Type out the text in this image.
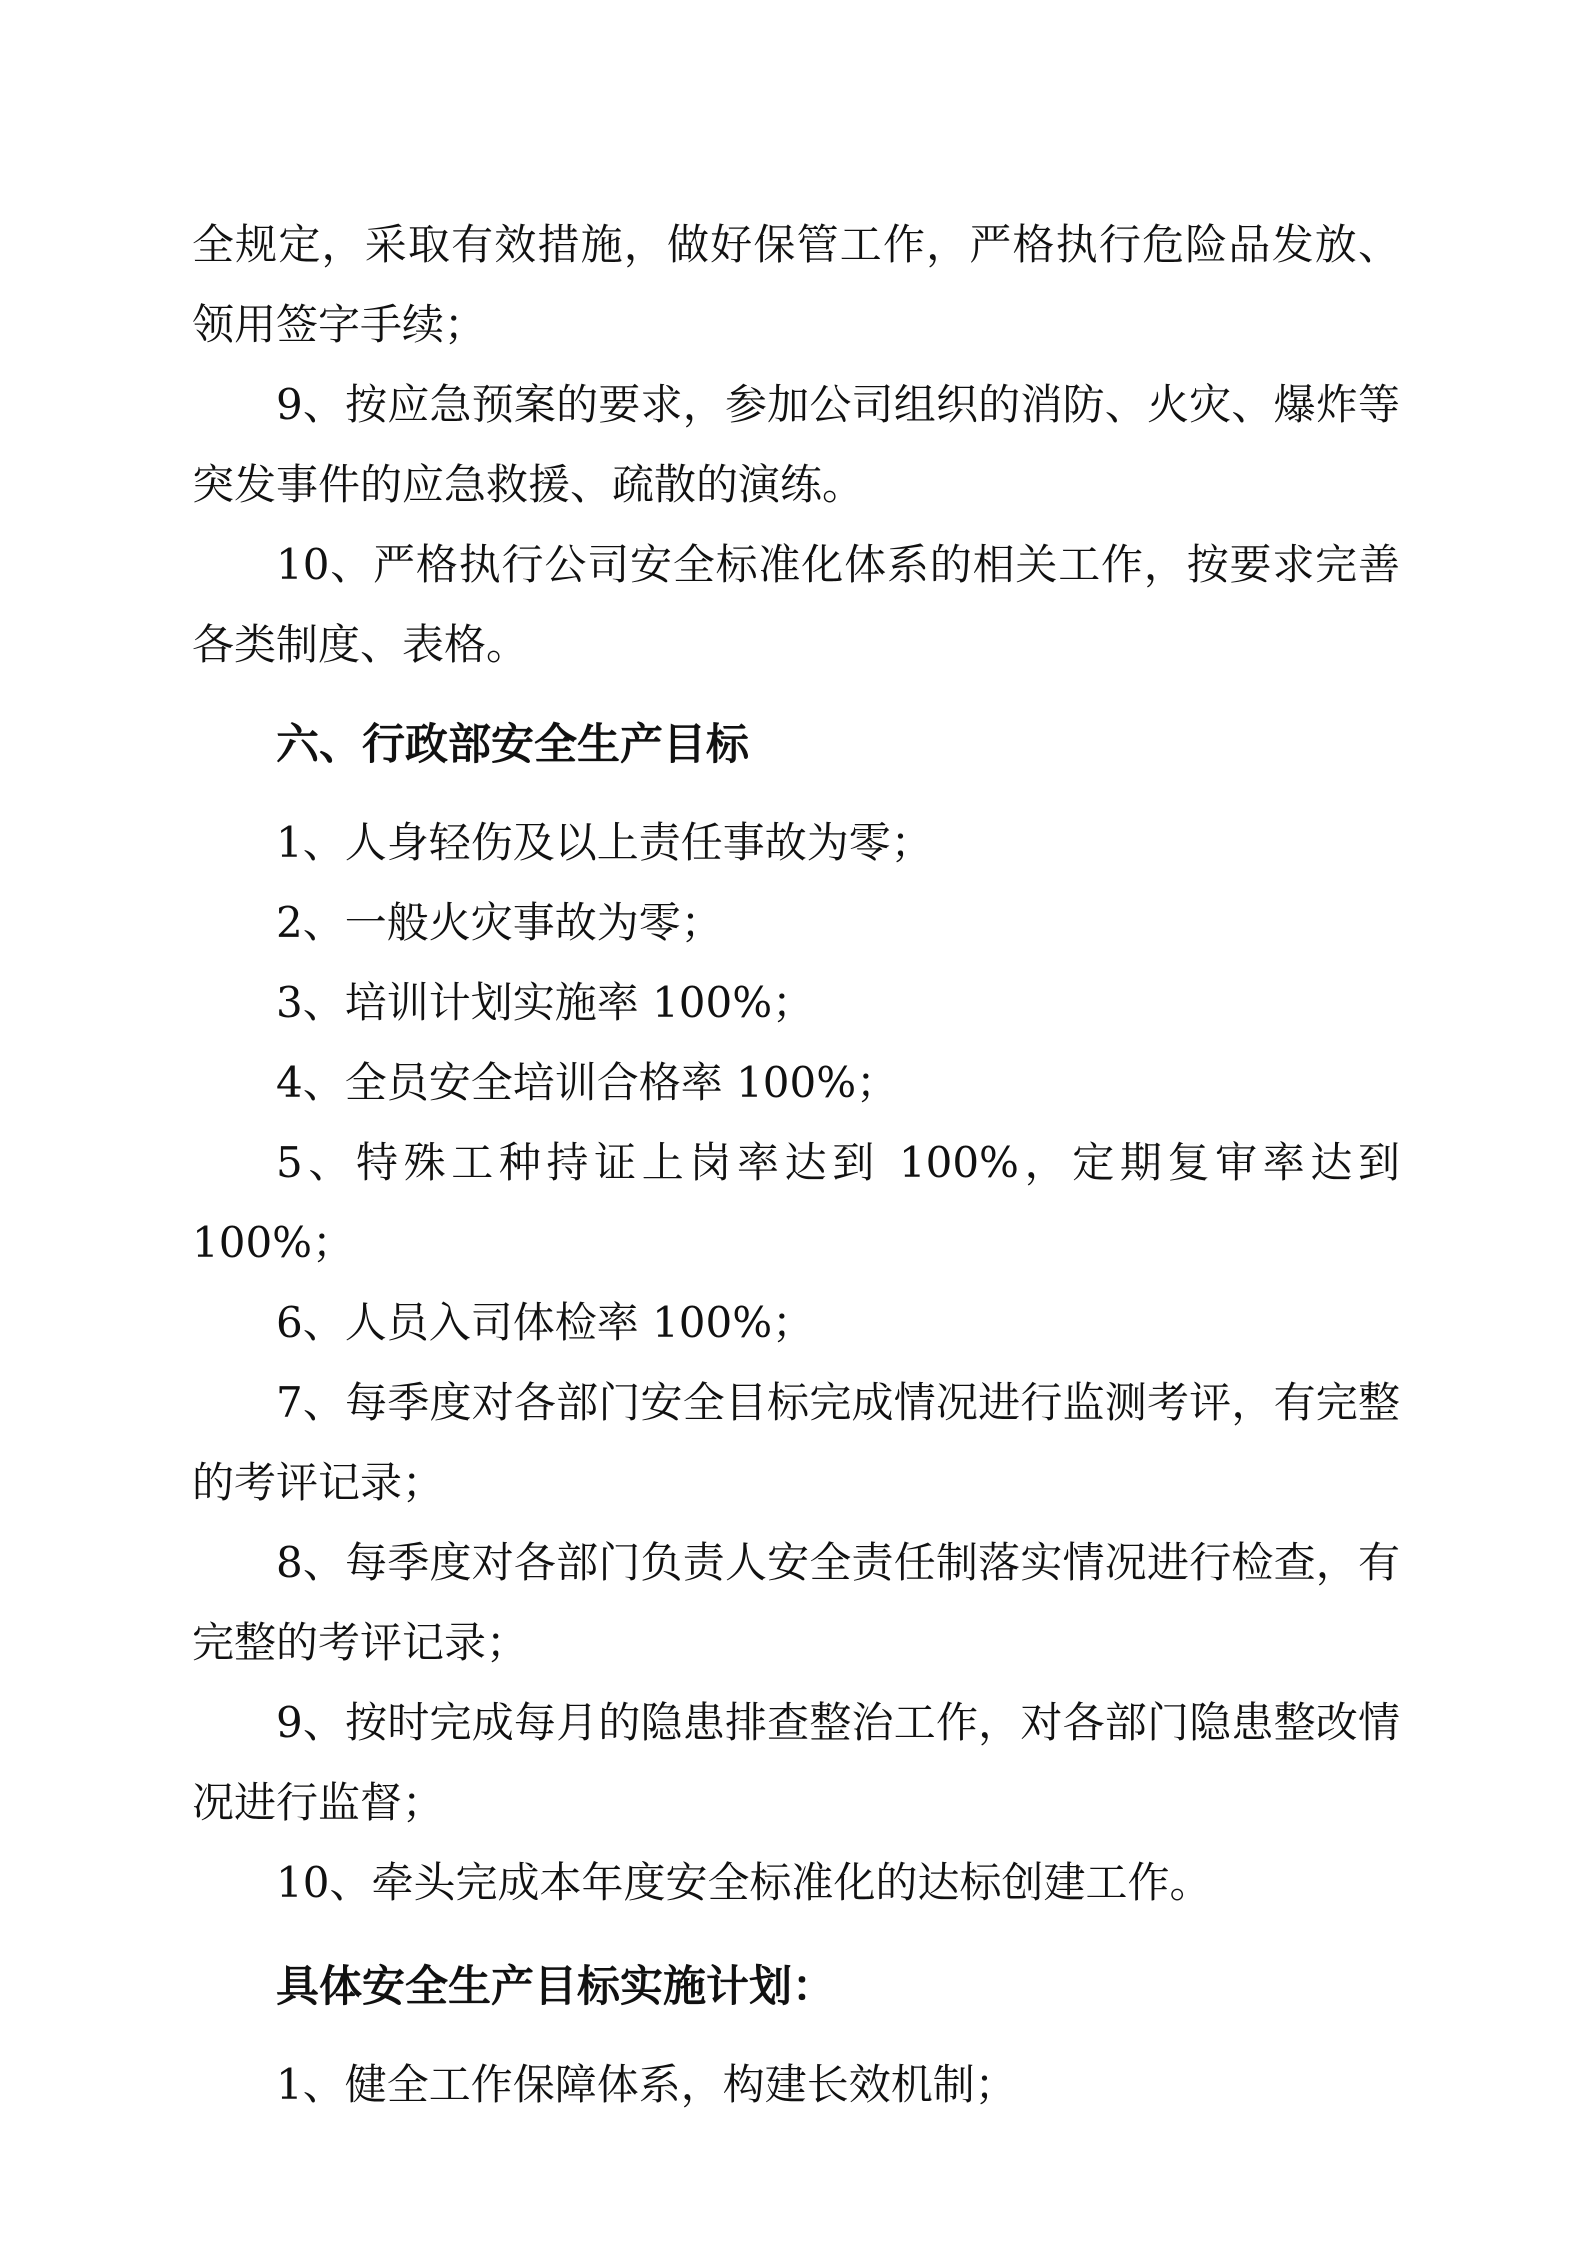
全规定，采取有效措施，做好保管工作，严格执行危险品发放、领用签字手续；

9、按应急预案的要求，参加公司组织的消防、火灾、爆炸等突发事件的应急救援、疏散的演练。

10、严格执行公司安全标准化体系的相关工作，按要求完善各类制度、表格。

六、行政部安全生产目标

1、人身轻伤及以上责任事故为零；

2、一般火灾事故为零；

3、培训计划实施率 100%；

4、全员安全培训合格率 100%；

5、特殊工种持证上岗率达到 100%，定期复审率达到 100%；

6、人员入司体检率 100%；

7、每季度对各部门安全目标完成情况进行监测考评，有完整的考评记录；

8、每季度对各部门负责人安全责任制落实情况进行检查，有完整的考评记录；

9、按时完成每月的隐患排查整治工作，对各部门隐患整改情况进行监督；

10、牵头完成本年度安全标准化的达标创建工作。

具体安全生产目标实施计划：

1、健全工作保障体系，构建长效机制；
